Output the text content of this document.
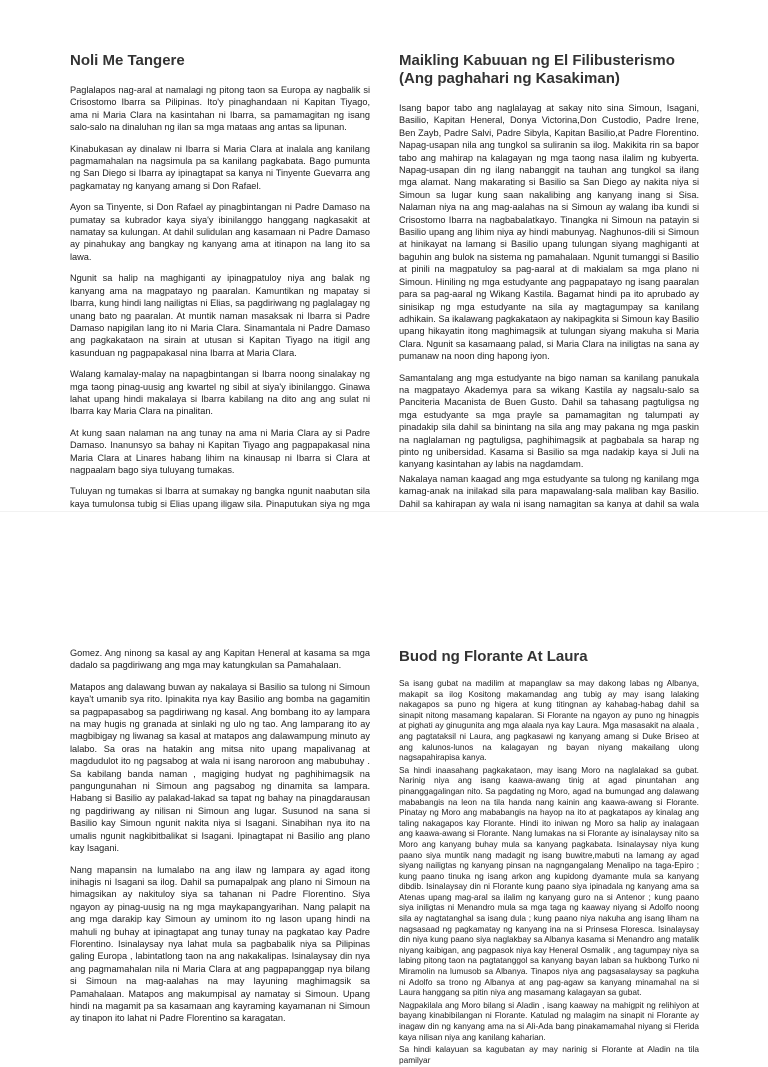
Noli Me Tangere

Paglalapos nag-aral at namalagi ng pitong taon sa Europa ay nagbalik si Crisostomo Ibarra sa Pilipinas. Ito'y pinaghandaan ni Kapitan Tiyago, ama ni Maria Clara na kasintahan ni Ibarra, sa pamamagitan ng isang salo-salo na dinaluhan ng ilan sa mga mataas ang antas sa lipunan.

Kinabukasan ay dinalaw ni Ibarra si Maria Clara at inalala ang kanilang pagmamahalan na nagsimula pa sa kanilang pagkabata. Bago pumunta ng San Diego si Ibarra ay ipinagtapat sa kanya ni Tinyente Guevarra ang pagkamatay ng kanyang amang si Don Rafael.

Ayon sa Tinyente, si Don Rafael ay pinagbintangan ni Padre Damaso na pumatay sa kubrador kaya siya'y ibinilanggo hanggang nagkasakit at namatay sa kulungan. At dahil sulidulan ang kasamaan ni Padre Damaso ay pinahukay ang bangkay ng kanyang ama at itinapon na lang ito sa lawa.

Ngunit sa halip na maghiganti ay ipinagpatuloy niya ang balak ng kanyang ama na magpatayo ng paaralan. Kamuntikan ng mapatay si Ibarra, kung hindi lang nailigtas ni Elias, sa pagdiriwang ng paglalagay ng unang bato ng paaralan. At muntik naman masaksak ni Ibarra si Padre Damaso napigilan lang ito ni Maria Clara. Sinamantala ni Padre Damaso ang pagkakataon na sirain at utusan si Kapitan Tiyago na itigil ang kasunduan ng pagpapakasal nina Ibarra at Maria Clara.

Walang kamalay-malay na napagbintangan si Ibarra noong sinalakay ng mga taong pinag-uusig ang kwartel ng sibil at siya'y ibinilanggo. Ginawa lahat upang hindi makalaya si Ibarra kabilang na dito ang ang sulat ni Ibarra kay Maria Clara na pinalitan.

At kung saan nalaman na ang tunay na ama ni Maria Clara ay si Padre Damaso. Inanunsyo sa bahay ni Kapitan Tiyago ang pagpapakasal nina Maria Clara at Linares habang lihim na kinausap ni Ibarra si Clara at nagpaalam bago siya tuluyang tumakas.

Tuluyan ng tumakas si Ibarra at sumakay ng bangka ngunit naabutan sila kaya tumulonsa tubig si Elias upang iligaw sila. Pinaputukan siya ng mga

Maikling Kabuuan ng El Filibusterismo
(Ang paghahari ng Kasakiman)

Isang bapor tabo ang naglalayag at sakay nito sina Simoun, Isagani, Basilio, Kapitan Heneral, Donya Victorina,Don Custodio, Padre Irene, Ben Zayb, Padre Salvi, Padre Sibyla, Kapitan Basilio,at Padre Florentino. Napag-usapan nila ang tungkol sa suliranin sa ilog. Makikita rin sa bapor tabo ang mahirap na kalagayan ng mga taong nasa ilalim ng kubyerta. Napag-usapan din ng ilang nabanggit na tauhan ang tungkol sa ilang mga alamat. Nang makarating si Basilio sa San Diego ay nakita niya si Simoun sa lugar kung saan nakalibing ang kanyang inang si Sisa. Nalaman niya na ang mag-aalahas na si Simoun ay walang iba kundi si Crisostomo Ibarra na nagbabalatkayo. Tinangka ni Simoun na patayin si Basilio upang ang lihim niya ay hindi mabunyag. Naghunos-dili si Simoun at hinikayat na lamang si Basilio upang tulungan siyang maghiganti at baguhin ang bulok na sistema ng pamahalaan. Ngunit tumanggi si Basilio at pinili na magpatuloy sa pag-aaral at di makialam sa mga plano ni Simoun. Hiniling ng mga estudyante ang pagpapatayo ng isang paaralan para sa pag-aaral ng Wikang Kastila. Bagamat hindi pa ito aprubado ay sinisikap ng mga estudyante na sila ay magtagumpay sa kanilang adhikain. Sa ikalawang pagkakataon ay nakipagkita si Simoun kay Basilio upang hikayatin itong maghimagsik at tulungan siyang makuha si Maria Clara. Ngunit sa kasamaang palad, si Maria Clara na iniligtas na sana ay pumanaw na noon ding hapong iyon.

Samantalang ang mga estudyante na bigo naman sa kanilang panukala na magpatayo Akademya para sa wikang Kastila ay nagsalu-salo sa Panciteria Macanista de Buen Gusto. Dahil sa tahasang pagtuligsa ng mga estudyante sa mga prayle sa pamamagitan ng talumpati ay pinadakip sila dahil sa binintang na sila ang may pakana ng mga paskin na naglalaman ng pagtuligsa, paghihimagsik at pagbabala sa harap ng pinto ng unibersidad. Kasama si Basilio sa mga nadakip kaya si Juli na kanyang kasintahan ay labis na nagdamdam.

Nakalaya naman kaagad ang mga estudyante sa tulong ng kanilang mga kamag-anak na inilakad sila para mapawalang-sala maliban kay Basilio. Dahil sa kahirapan ay wala ni isang namagitan sa kanya at dahil sa wala

Gomez. Ang ninong sa kasal ay ang Kapitan Heneral at kasama sa mga dadalo sa pagdiriwang ang mga may katungkulan sa Pamahalaan.

Matapos ang dalawang buwan ay nakalaya si Basilio sa tulong ni Simoun kaya't umanib sya rito. Ipinakita nya kay Basilio ang bomba na gagamitin sa pagpapasabog sa pagdiriwang ng kasal. Ang bombang ito ay lampara na may hugis ng granada at sinlaki ng ulo ng tao. Ang lamparang ito ay magbibigay ng liwanag sa kasal at matapos ang dalawampung minuto ay lalabo. Sa oras na hatakin ang mitsa nito upang mapalivanag at magdudulot ito ng pagsabog at wala ni isang naroroon ang mabubuhay . Sa kabilang banda naman , magiging hudyat ng paghihimagsik na pangungunahan ni Simoun ang pagsabog ng dinamita sa lampara. Habang si Basilio ay palakad-lakad sa tapat ng bahay na pinagdarausan ng pagdiriwang ay nilisan ni Simoun ang lugar. Susunod na sana si Basilio kay Simoun ngunit nakita niya si Isagani. Sinabihan nya ito na umalis ngunit nagkibitbalikat si Isagani. Ipinagtapat ni Basilio ang plano kay Isagani.

Nang mapansin na lumalabo na ang ilaw ng lampara ay agad itong inihagis ni Isagani sa ilog. Dahil sa pumapalpak ang plano ni Simoun na himagsikan ay nakituloy siya sa tahanan ni Padre Florentino. Siya ngayon ay pinag-uusig na ng mga maykapangyarihan. Nang palapit na ang mga darakip kay Simoun ay uminom ito ng lason upang hindi na mahuli ng buhay at ipinagtapat ang tunay tunay na pagkatao kay Padre Florentino. Isinalaysay nya lahat mula sa pagbabalik niya sa Pilipinas galing Europa , labintatlong taon na ang nakakalipas. Isinalaysay din nya ang pagmamahalan nila ni Maria Clara at ang pagpapanggap nya bilang si Simoun na mag-aalahas na may layuning maghimagsik sa Pamahalaan. Matapos ang makumpisal ay namatay si Simoun. Upang hindi na magamit pa sa kasamaan ang kayraming kayamanan ni Simoun ay tinapon ito lahat ni Padre Florentino sa karagatan.

Buod ng Florante At Laura

Sa isang gubat na madilim at mapanglaw sa may dakong labas ng Albanya, makapit sa ilog Kositong makamandag ang tubig ay may isang lalaking nakagapos sa puno ng higera at kung titingnan ay kahabag-habag dahil sa sinapit nitong masamang kapalaran. Si Florante na ngayon ay puno ng hinagpis at pighati ay ginugunita ang mga alaala nya kay Laura. Mga masasakit na alaala , ang pagtataksil ni Laura, ang pagkasawi ng kanyang amang si Duke Briseo at ang kalunos-lunos na kalagayan ng bayan niyang makailang ulong nagsapahirapisa kanya.

Sa hindi inaasahang pagkakataon, may isang Moro na naglalakad sa gubat. Narinig niya ang isang kaawa-awang tinig at agad pinuntahan ang pinanggagalingan nito. Sa pagdating ng Moro, agad na bumungad ang dalawang mababangis na leon na tila handa nang kainin ang kaawa-awang si Florante. Pinatay ng Moro ang mababangis na hayop na ito at pagkatapos ay kinalag ang taling nakagapos kay Florante. Hindi ito iniwan ng Moro sa halip ay inalagaan ang kaawa-awang si Florante. Nang lumakas na si Florante ay isinalaysay nito sa Moro ang kanyang buhay mula sa kanyang pagkabata. Isinalaysay niya kung paano siya muntik nang madagit ng isang buwitre,mabuti na lamang ay agad siyang nailigtas ng kanyang pinsan na nagngangalang Menalipo na taga-Epiro ; kung paano tinuka ng isang arkon ang kupidong dyamante mula sa kanyang dibdib. Isinalaysay din ni Florante kung paano siya ipinadala ng kanyang ama sa Atenas upang mag-aral sa ilalim ng kanyang guro na si Antenor ; kung paano siya iniligtas ni Menandro mula sa mga taga ng kaaway niyang si Adolfo noong sila ay nagtatanghal sa isang dula ; kung paano niya nakuha ang isang liham na nagsasaad ng pagkamatay ng kanyang ina na si Prinsesa Floresca. Isinalaysay din niya kung paano siya naglakbay sa Albanya kasama si Menandro ang matalik niyang kaibigan, ang pagpasok niya kay Heneral Osmalik , ang tagumpay niya sa labing pitong taon na pagtatanggol sa kanyang bayan laban sa hukbong Turko ni Miramolin na lumusob sa Albanya. Tinapos niya ang pagsasalaysay sa pagkuha ni Adolfo sa trono ng Albanya at ang pag-agaw sa kanyang minamahal na si Laura hanggang sa pitin niya ang masamang kalagayan sa gubat.

Nagpakilala ang Moro bilang si Aladin , isang kaaway na mahigpit ng relihiyon at bayang kinabibilangan ni Florante. Katulad ng malagim na sinapit ni Florante ay inagaw din ng kanyang ama na si Ali-Ada bang pinakamamahal niyang si Flerida kaya nilisan niya ang kanilang kaharian.

Sa hindi kalayuan sa kagubatan ay may narinig si Florante at Aladin na tila pamilyar
